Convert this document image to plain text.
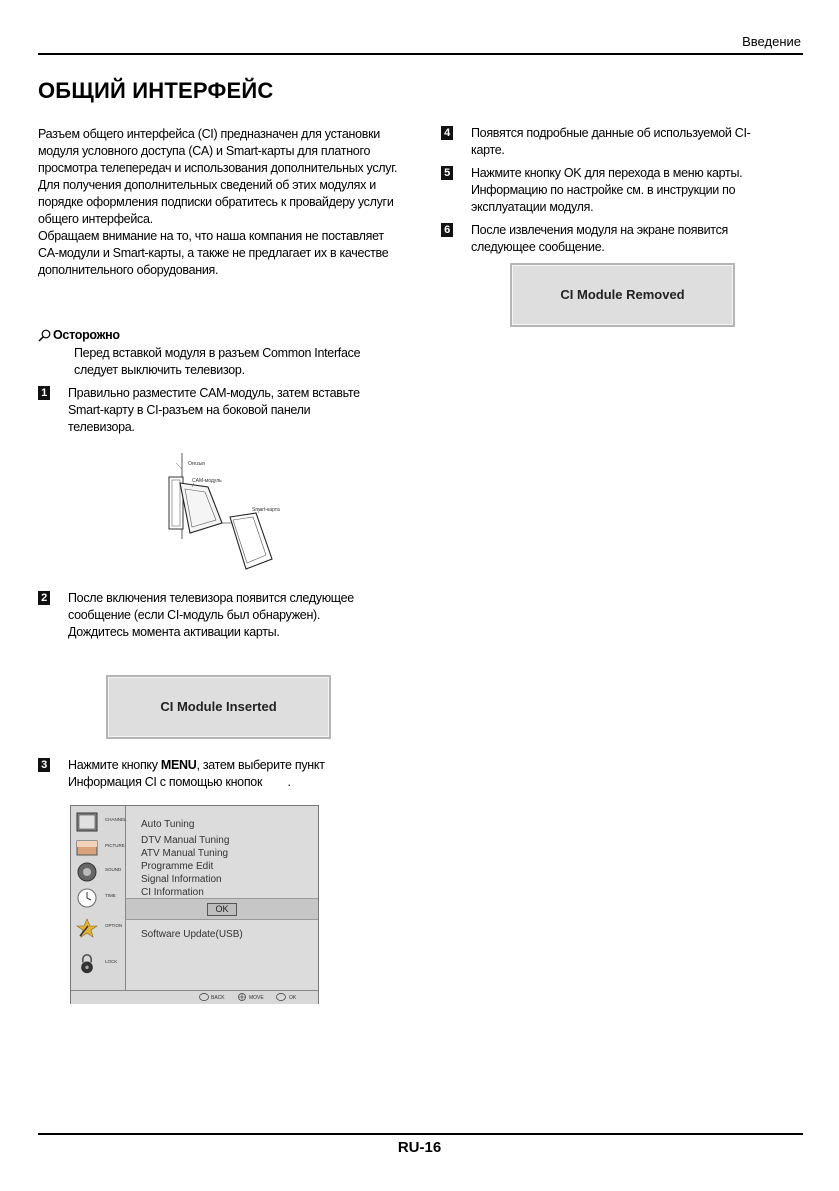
Введение
ОБЩИЙ ИНТЕРФЕЙС

Разъем общего интерфейса (CI) предназначен для установки модуля условного доступа (CA) и Smart-карты для платного просмотра телепередач и использования дополнительных услуг.

Для получения дополнительных сведений об этих модулях и порядке оформления подписки обратитесь к провайдеру услуги общего интерфейса.

Обращаем внимание на то, что наша компания не поставляет CA-модули и Smart-карты, а также не предлагает их в качестве дополнительного оборудования.

Осторожно
Перед вставкой модуля в разъем Common Interface следует выключить телевизор.
1 Правильно разместите CAM-модуль, затем вставьте Smart-карту в CI-разъем на боковой панели телевизора.
Оrezыn
CAM-модуль
Smart-карта
2 После включения телевизора появится следующее сообщение (если CI-модуль был обнаружен). Дождитесь момента активации карты.
CI Module Inserted
3 Нажмите кнопку MENU, затем выберите пункт Информация CI с помощью кнопок        .
CHANNEL
PICTURE
SOUND
TIME
OPTION
LOCK
Auto Tuning
DTV Manual Tuning
ATV Manual Tuning
Programme Edit
Signal Information
CI Information
OK
Software Update(USB)
BACK	MOVE	OK
4 Появятся подробные данные об используемой CI-карте.
5 Нажмите кнопку OK для перехода в меню карты. Информацию по настройке см. в инструкции по эксплуатации модуля.
6 После извлечения модуля на экране появится следующее сообщение.
CI Module Removed
RU-16
